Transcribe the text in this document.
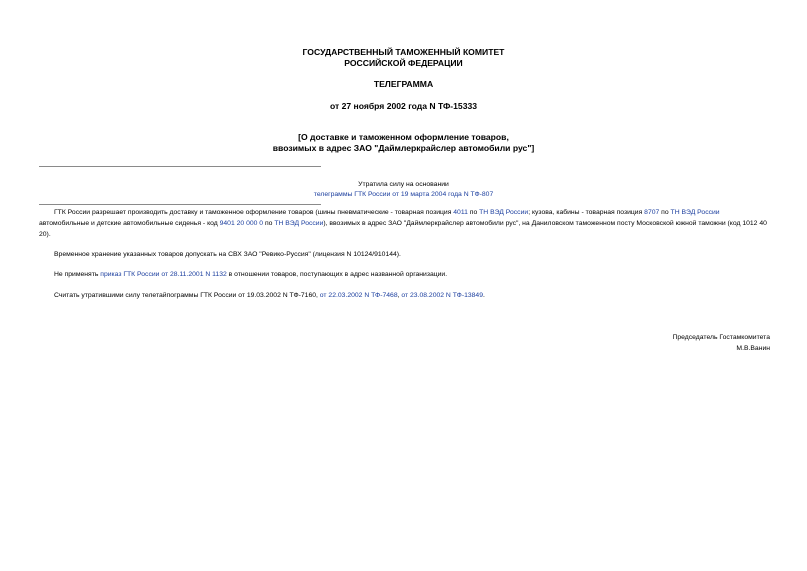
ГОСУДАРСТВЕННЫЙ ТАМОЖЕННЫЙ КОМИТЕТ
РОССИЙСКОЙ ФЕДЕРАЦИИ
ТЕЛЕГРАММА
от 27 ноября 2002 года N ТФ-15333
[О доставке и таможенном оформление товаров,
ввозимых в адрес ЗАО "Даймлеркрайслер автомобили рус"]
Утратила силу на основании
телеграммы ГТК России от 19 марта 2004 года N ТФ-807
ГТК России разрешает производить доставку и таможенное оформление товаров (шины пневматические - товарная позиция 4011 по ТН ВЭД России; кузова, кабины - товарная позиция 8707 по ТН ВЭД России автомобильные и детские автомобильные сиденья - код 9401 20 000 0 по ТН ВЭД России), ввозимых в адрес ЗАО "Даймлеркрайслер автомобили рус", на Даниловском таможенном посту Московской южной таможни (код 1012 40 20).
Временное хранение указанных товаров допускать на СВХ ЗАО "Ревико-Руссия" (лицензия N 10124/910144).
Не применять приказ ГТК России от 28.11.2001 N 1132 в отношении товаров, поступающих в адрес названной организации.
Считать утратившими силу телетайпограммы ГТК России от 19.03.2002 N ТФ-7160, от 22.03.2002 N ТФ-7468, от 23.08.2002 N ТФ-13849.
Председатель Гостамкомитета
М.В.Ванин
